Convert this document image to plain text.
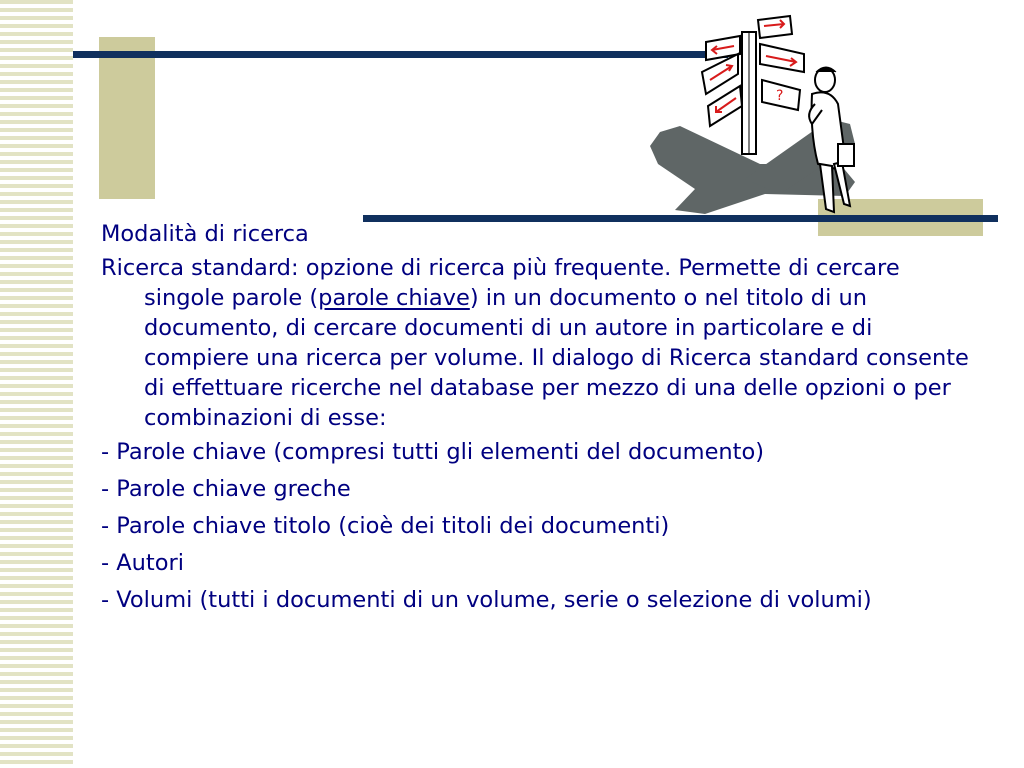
?
Modalità di ricerca
Ricerca standard: opzione di ricerca più frequente. Permette di cercare singole parole (parole chiave) in un documento o nel titolo di un documento, di cercare documenti di un autore in particolare e di compiere una ricerca per volume. Il dialogo di Ricerca standard consente di effettuare ricerche nel database per mezzo di una delle opzioni o per combinazioni di esse:
- Parole chiave (compresi tutti gli elementi del documento)
- Parole chiave greche
- Parole chiave titolo (cioè dei titoli dei documenti)
- Autori
- Volumi (tutti i documenti di un volume, serie o selezione di volumi)
